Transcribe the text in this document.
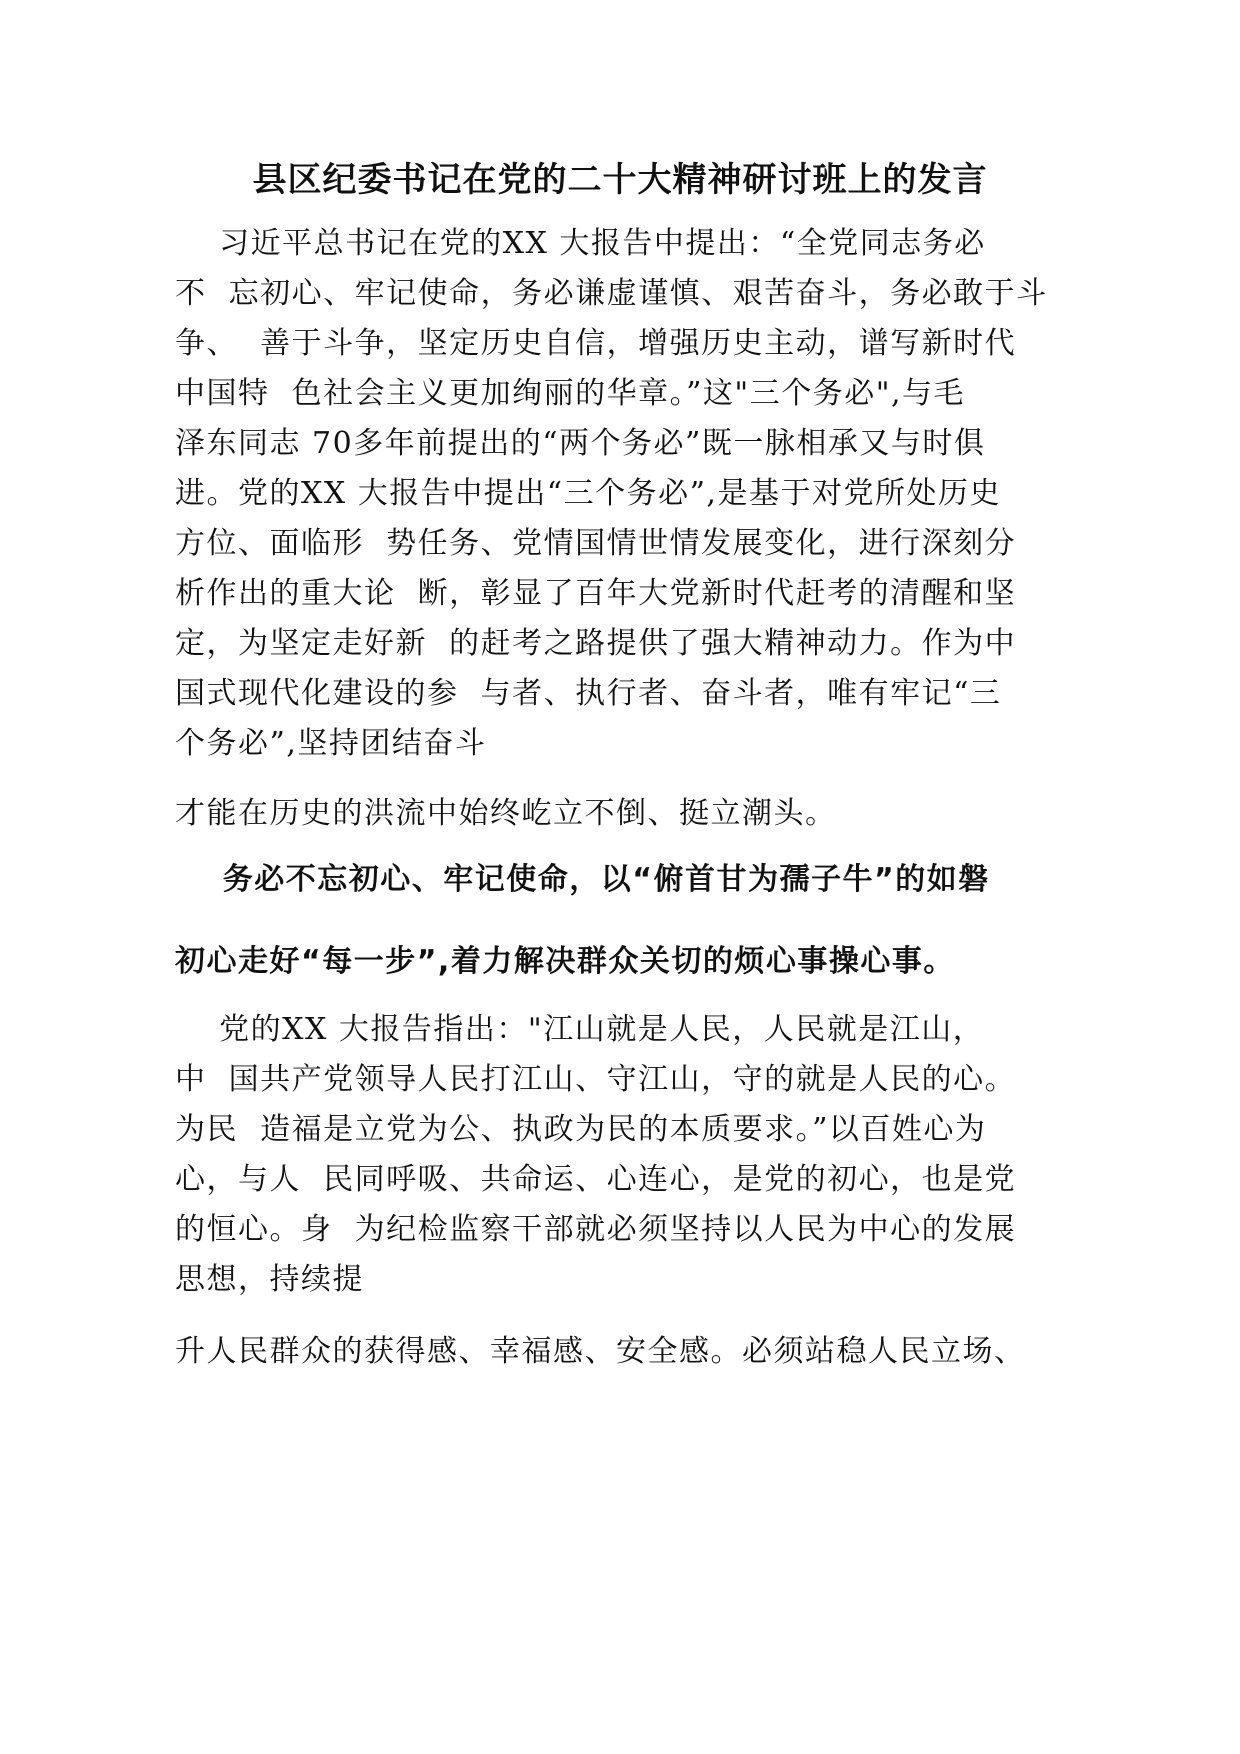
县区纪委书记在党的二十大精神研讨班上的发言

习近平总书记在党的XX 大报告中提出：“全党同志务必

不  忘初心、牢记使命，务必谦虚谨慎、艰苦奋斗，务必敢于斗

争、  善于斗争，坚定历史自信，增强历史主动，谱写新时代

中国特  色社会主义更加绚丽的华章。”这"三个务必",与毛

泽东同志 70多年前提出的“两个务必”既一脉相承又与时俱

进。党的XX 大报告中提出“三个务必”,是基于对党所处历史

方位、面临形  势任务、党情国情世情发展变化，进行深刻分

析作出的重大论  断，彰显了百年大党新时代赶考的清醒和坚

定，为坚定走好新  的赶考之路提供了强大精神动力。作为中

国式现代化建设的参  与者、执行者、奋斗者，唯有牢记“三

个务必”,坚持团结奋斗

才能在历史的洪流中始终屹立不倒、挺立潮头。

务必不忘初心、牢记使命，以“俯首甘为孺子牛”的如磐

初心走好“每一步”,着力解决群众关切的烦心事操心事。

党的XX 大报告指出："江山就是人民，人民就是江山，

中  国共产党领导人民打江山、守江山，守的就是人民的心。

为民  造福是立党为公、执政为民的本质要求。”以百姓心为

心，与人  民同呼吸、共命运、心连心，是党的初心，也是党

的恒心。身  为纪检监察干部就必须坚持以人民为中心的发展

思想，持续提

升人民群众的获得感、幸福感、安全感。必须站稳人民立场、
